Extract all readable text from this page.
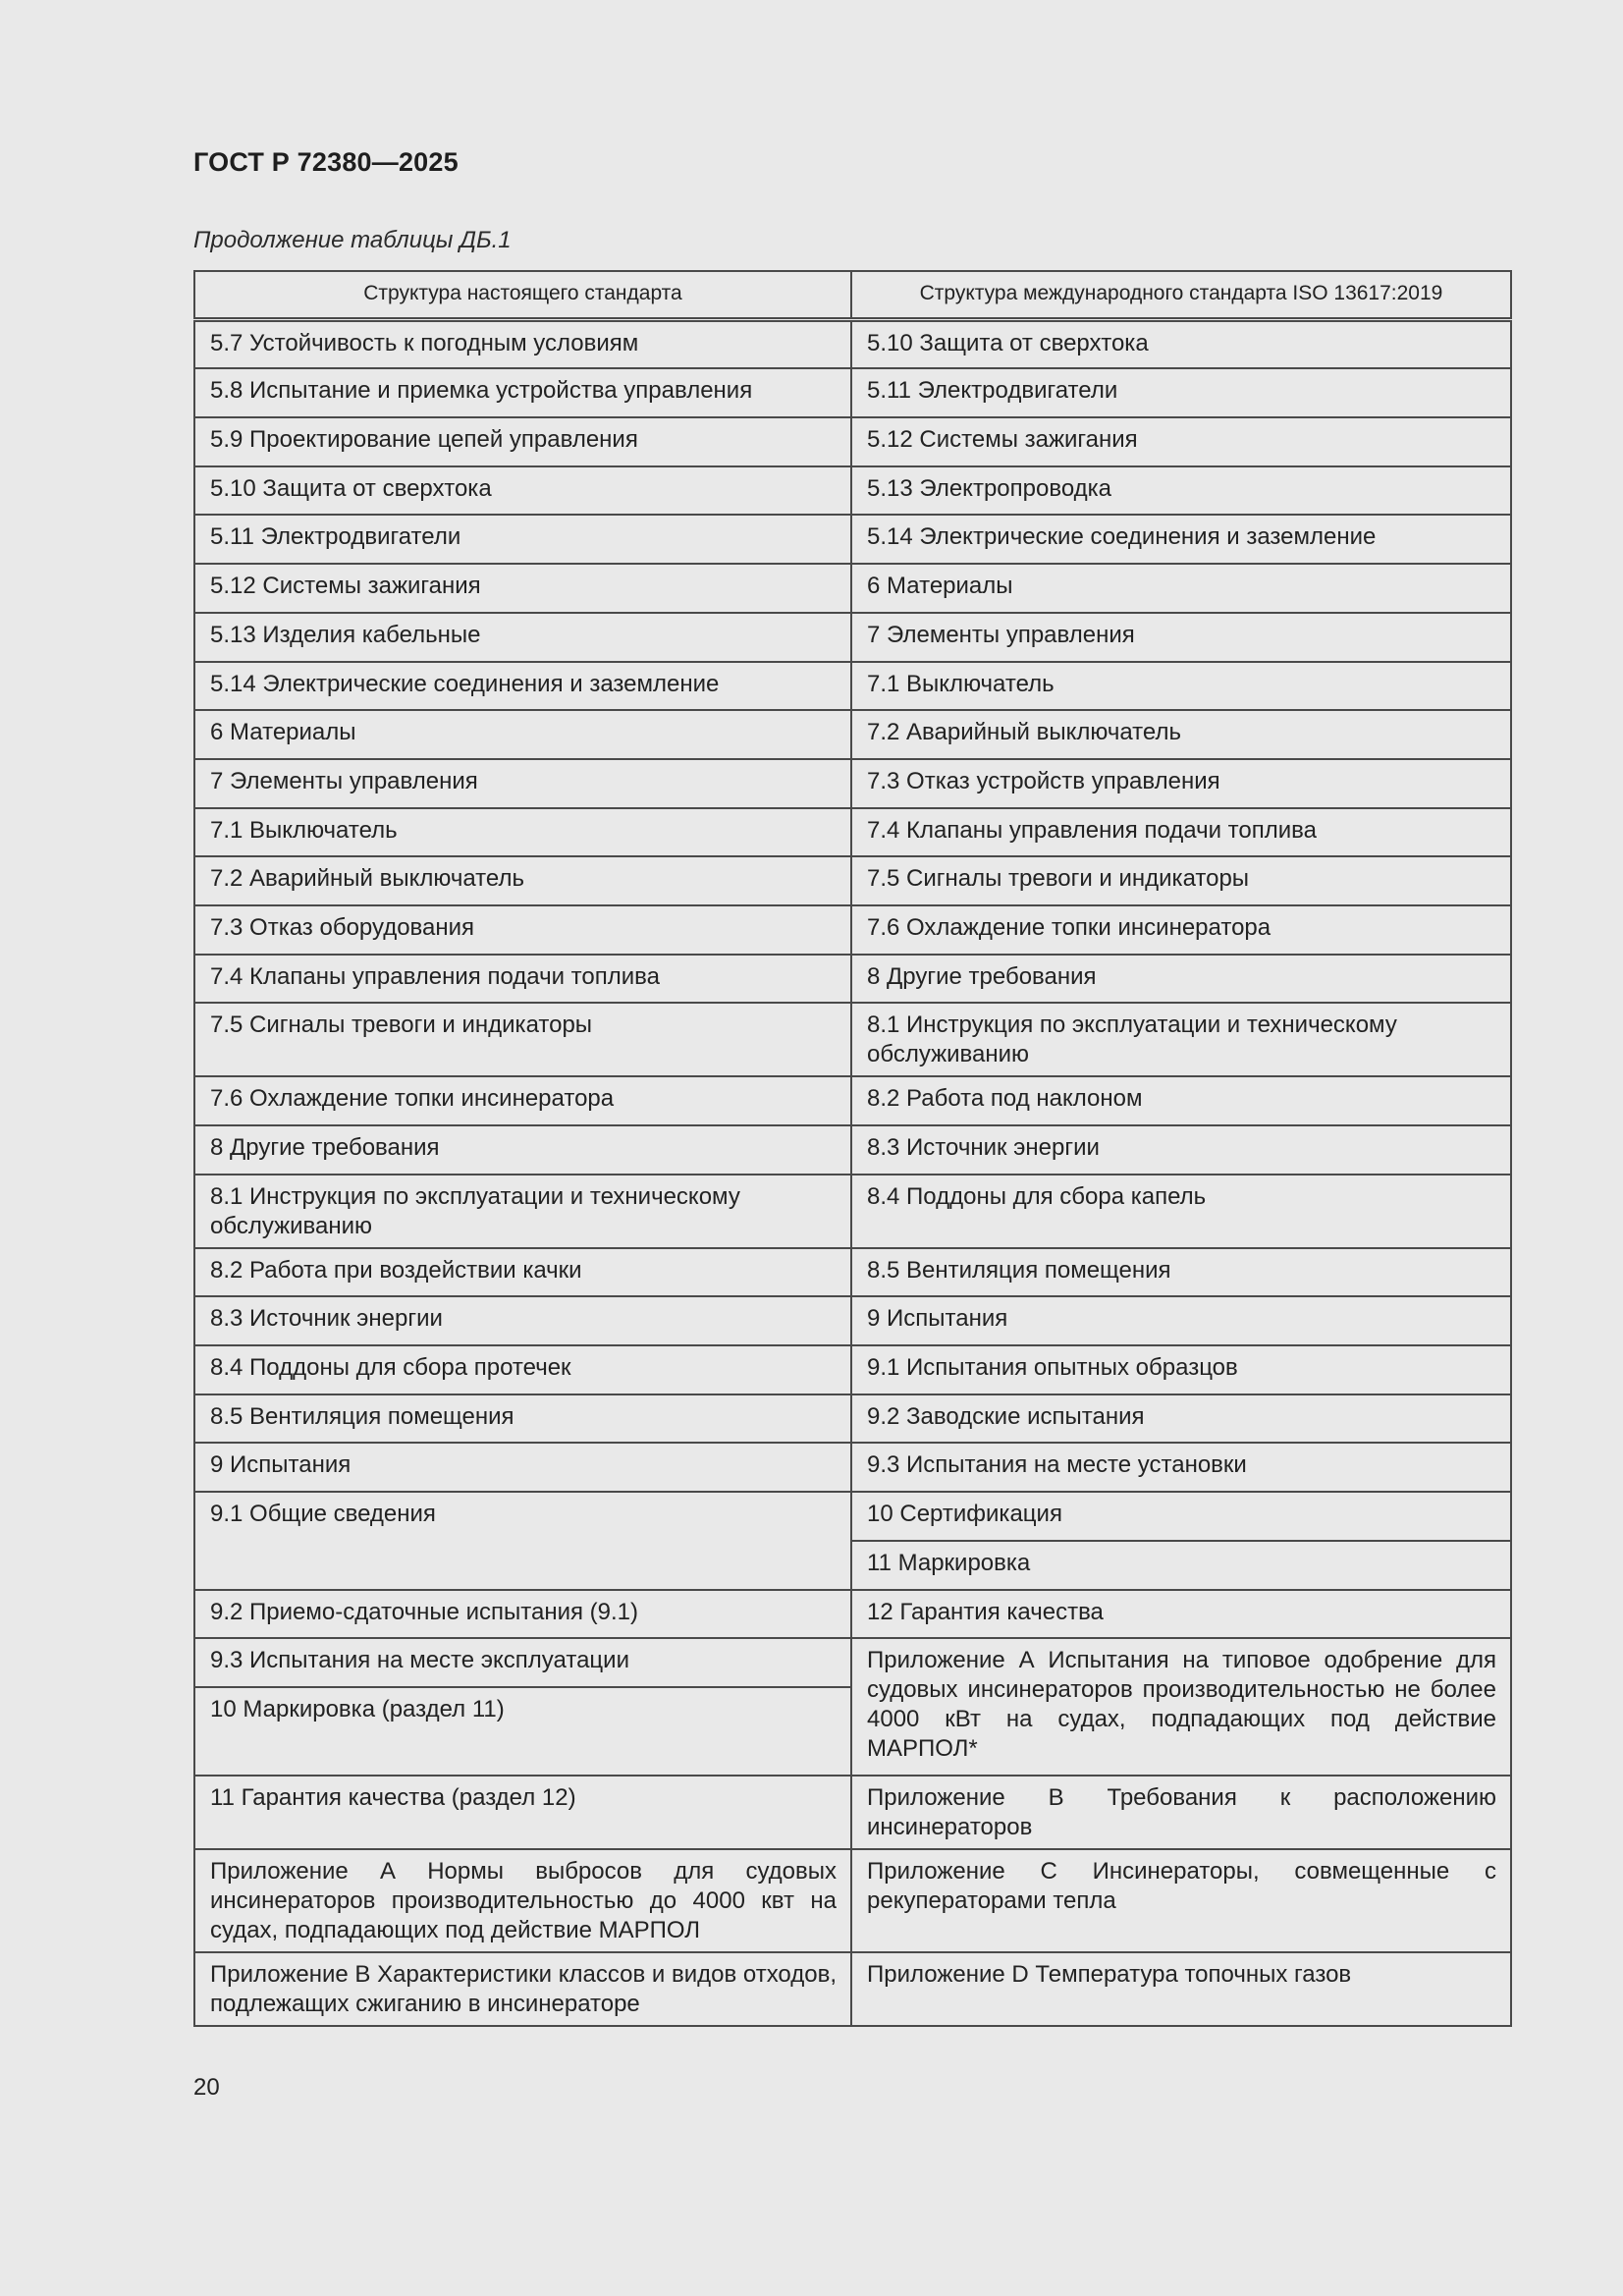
ГОСТ Р 72380—2025
Продолжение таблицы ДБ.1
Структура настоящего стандарта	Структура международного стандарта ISO 13617:2019
5.7 Устойчивость к погодным условиям	5.10 Защита от сверхтока
5.8 Испытание и приемка устройства управления	5.11 Электродвигатели
5.9 Проектирование цепей управления	5.12 Системы зажигания
5.10 Защита от сверхтока	5.13 Электропроводка
5.11 Электродвигатели	5.14 Электрические соединения и заземление
5.12 Системы зажигания	6 Материалы
5.13 Изделия кабельные	7 Элементы управления
5.14 Электрические соединения и заземление	7.1 Выключатель
6 Материалы	7.2 Аварийный выключатель
7 Элементы управления	7.3 Отказ устройств управления
7.1 Выключатель	7.4 Клапаны управления подачи топлива
7.2 Аварийный выключатель	7.5 Сигналы тревоги и индикаторы
7.3 Отказ оборудования	7.6 Охлаждение топки инсинератора
7.4 Клапаны управления подачи топлива	8 Другие требования
7.5 Сигналы тревоги и индикаторы	8.1 Инструкция по эксплуатации и техническому обслуживанию
7.6 Охлаждение топки инсинератора	8.2 Работа под наклоном
8 Другие требования	8.3 Источник энергии
8.1 Инструкция по эксплуатации и техническому обслуживанию	8.4 Поддоны для сбора капель
8.2 Работа при воздействии качки	8.5 Вентиляция помещения
8.3 Источник энергии	9 Испытания
8.4 Поддоны для сбора протечек	9.1 Испытания опытных образцов
8.5 Вентиляция помещения	9.2 Заводские испытания
9 Испытания	9.3 Испытания на месте установки
9.1 Общие сведения	10 Сертификация
	11 Маркировка
9.2 Приемо-сдаточные испытания (9.1)	12 Гарантия качества
9.3 Испытания на месте эксплуатации	Приложение А Испытания на типовое одобрение для судовых инсинераторов производительностью не более 4000 кВт на судах, подпадающих под действие МАРПОЛ*
10 Маркировка (раздел 11)	
11 Гарантия качества (раздел 12)	Приложение В Требования к расположению инсинераторов
Приложение А Нормы выбросов для судовых инсинераторов производительностью до 4000 квт на судах, подпадающих под действие МАРПОЛ	Приложение С Инсинераторы, совмещенные с рекуператорами тепла
Приложение В Характеристики классов и видов отходов, подлежащих сжиганию в инсинераторе	Приложение D Температура топочных газов
20
